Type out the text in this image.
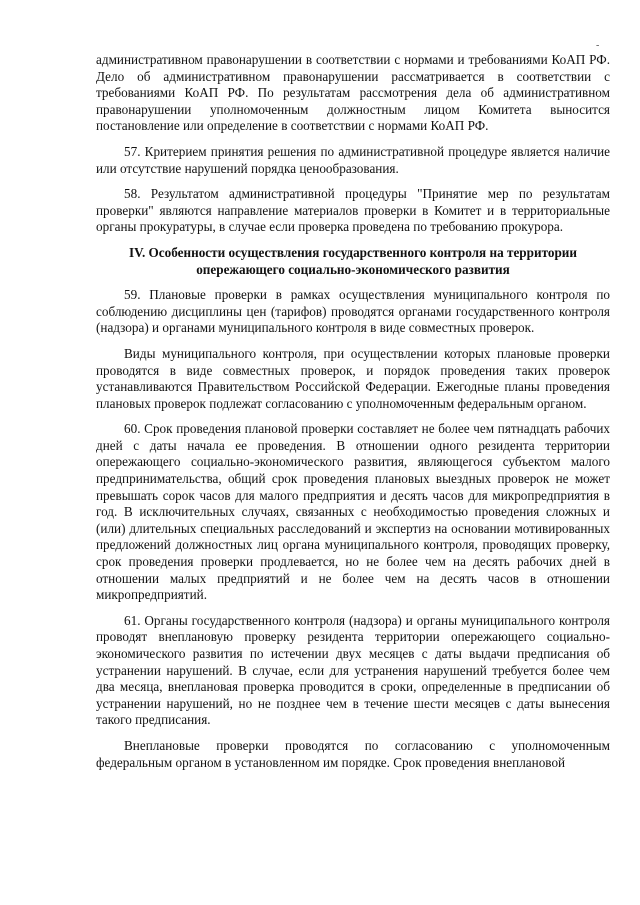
-

административном правонарушении в соответствии с нормами и требованиями КоАП РФ. Дело об административном правонарушении рассматривается в соответствии с требованиями КоАП РФ. По результатам рассмотрения дела об административном правонарушении уполномоченным должностным лицом Комитета выносится постановление или определение в соответствии с нормами КоАП РФ.

57. Критерием принятия решения по административной процедуре является наличие или отсутствие нарушений порядка ценообразования.

58. Результатом административной процедуры "Принятие мер по результатам проверки" являются направление материалов проверки в Комитет и в территориальные органы прокуратуры, в случае если проверка проведена по требованию прокурора.

IV. Особенности осуществления государственного контроля на территории
опережающего социально-экономического развития

59. Плановые проверки в рамках осуществления муниципального контроля по соблюдению дисциплины цен (тарифов) проводятся органами государственного контроля (надзора) и органами муниципального контроля в виде совместных проверок.

Виды муниципального контроля, при осуществлении которых плановые проверки проводятся в виде совместных проверок, и порядок проведения таких проверок устанавливаются Правительством Российской Федерации. Ежегодные планы проведения плановых проверок подлежат согласованию с уполномоченным федеральным органом.

60. Срок проведения плановой проверки составляет не более чем пятнадцать рабочих дней с даты начала ее проведения. В отношении одного резидента территории опережающего социально-экономического развития, являющегося субъектом малого предпринимательства, общий срок проведения плановых выездных проверок не может превышать сорок часов для малого предприятия и десять часов для микропредприятия в год. В исключительных случаях, связанных с необходимостью проведения сложных и (или) длительных специальных расследований и экспертиз на основании мотивированных предложений должностных лиц органа муниципального контроля, проводящих проверку, срок проведения проверки продлевается, но не более чем на десять рабочих дней в отношении малых предприятий и не более чем на десять часов в отношении микропредприятий.

61. Органы государственного контроля (надзора) и органы муниципального контроля проводят внеплановую проверку резидента территории опережающего социально-экономического развития по истечении двух месяцев с даты выдачи предписания об устранении нарушений. В случае, если для устранения нарушений требуется более чем два месяца, внеплановая проверка проводится в сроки, определенные в предписании об устранении нарушений, но не позднее чем в течение шести месяцев с даты вынесения такого предписания.

Внеплановые проверки проводятся по согласованию с уполномоченным федеральным органом в установленном им порядке. Срок проведения внеплановой
